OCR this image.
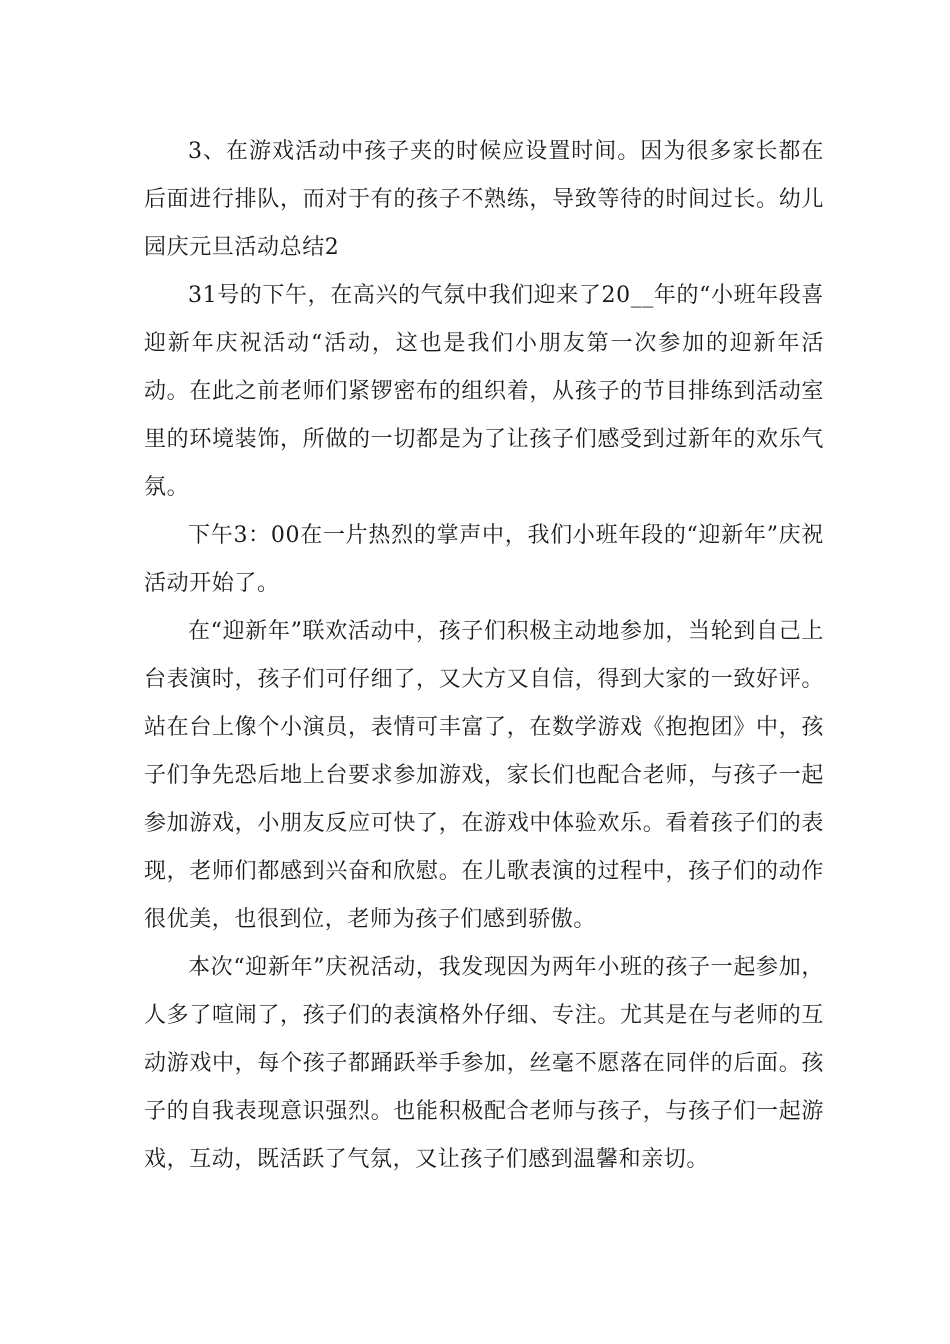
3、在游戏活动中孩子夹的时候应设置时间。因为很多家长都在后面进行排队，而对于有的孩子不熟练，导致等待的时间过长。幼儿园庆元旦活动总结2

31号的下午，在高兴的气氛中我们迎来了20__年的“小班年段喜迎新年庆祝活动“活动，这也是我们小朋友第一次参加的迎新年活动。在此之前老师们紧锣密布的组织着，从孩子的节目排练到活动室里的环境装饰，所做的一切都是为了让孩子们感受到过新年的欢乐气氛。

下午3：00在一片热烈的掌声中，我们小班年段的“迎新年”庆祝活动开始了。

在“迎新年”联欢活动中，孩子们积极主动地参加，当轮到自己上台表演时，孩子们可仔细了，又大方又自信，得到大家的一致好评。站在台上像个小演员，表情可丰富了，在数学游戏《抱抱团》中，孩子们争先恐后地上台要求参加游戏，家长们也配合老师，与孩子一起参加游戏，小朋友反应可快了，在游戏中体验欢乐。看着孩子们的表现，老师们都感到兴奋和欣慰。在儿歌表演的过程中，孩子们的动作很优美，也很到位，老师为孩子们感到骄傲。

本次“迎新年”庆祝活动，我发现因为两年小班的孩子一起参加，人多了喧闹了，孩子们的表演格外仔细、专注。尤其是在与老师的互动游戏中，每个孩子都踊跃举手参加，丝毫不愿落在同伴的后面。孩子的自我表现意识强烈。也能积极配合老师与孩子，与孩子们一起游戏，互动，既活跃了气氛，又让孩子们感到温馨和亲切。
